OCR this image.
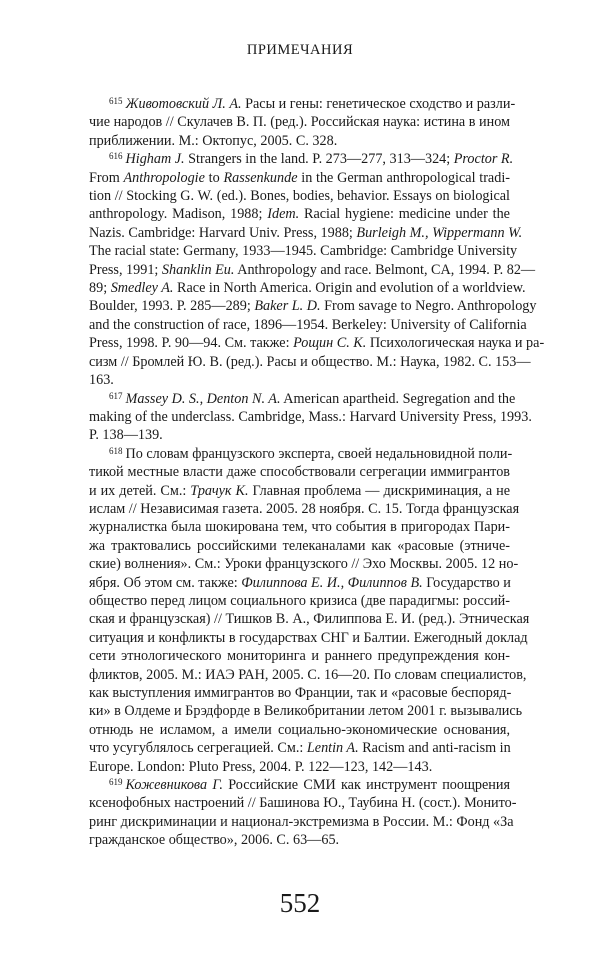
ПРИМЕЧАНИЯ
$^{615}$ Животовский Л. А. Расы и гены: генетическое сходство и разли-
чие народов // Скулачев В. П. (ред.). Российская наука: истина в ином
приближении. М.: Октопус, 2005. С. 328.
$^{616}$ Higham J. Strangers in the land. P. 273—277, 313—324; Proctor R.
From Anthropologie to Rassenkunde in the German anthropological tradi-
tion // Stocking G. W. (ed.). Bones, bodies, behavior. Essays on biological
anthropology. Madison, 1988; Idem. Racial hygiene: medicine under the
Nazis. Cambridge: Harvard Univ. Press, 1988; Burleigh M., Wippermann W.
The racial state: Germany, 1933—1945. Cambridge: Cambridge University
Press, 1991; Shanklin Eu. Anthropology and race. Belmont, CA, 1994. P. 82—
89; Smedley A. Race in North America. Origin and evolution of a worldview.
Boulder, 1993. P. 285—289; Baker L. D. From savage to Negro. Anthropology
and the construction of race, 1896—1954. Berkeley: University of California
Press, 1998. P. 90—94. См. также: Рощин С. К. Психологическая наука и ра-
сизм // Бромлей Ю. В. (ред.). Расы и общество. М.: Наука, 1982. С. 153—
163.
$^{617}$ Massey D. S., Denton N. A. American apartheid. Segregation and the
making of the underclass. Cambridge, Mass.: Harvard University Press, 1993.
P. 138—139.
$^{618}$ По словам французского эксперта, своей недальновидной поли-
тикой местные власти даже способствовали сегрегации иммигрантов
и их детей. См.: Трачук К. Главная проблема — дискриминация, а не
ислам // Независимая газета. 2005. 28 ноября. С. 15. Тогда французская
журналистка была шокирована тем, что события в пригородах Пари-
жа трактовались российскими телеканалами как «расовые (этниче-
ские) волнения». См.: Уроки французского // Эхо Москвы. 2005. 12 но-
ября. Об этом см. также: Филиппова Е. И., Филиппов В. Государство и
общество перед лицом социального кризиса (две парадигмы: россий-
ская и французская) // Тишков В. А., Филиппова Е. И. (ред.). Этническая
ситуация и конфликты в государствах СНГ и Балтии. Ежегодный доклад
сети этнологического мониторинга и раннего предупреждения кон-
фликтов, 2005. М.: ИАЭ РАН, 2005. С. 16—20. По словам специалистов,
как выступления иммигрантов во Франции, так и «расовые беспоряд-
ки» в Олдеме и Брэдфорде в Великобритании летом 2001 г. вызывались
отнюдь не исламом, а имели социально-экономические основания,
что усугублялось сегрегацией. См.: Lentin A. Racism and anti-racism in
Europe. London: Pluto Press, 2004. P. 122—123, 142—143.
$^{619}$ Кожевникова Г. Российские СМИ как инструмент поощрения
ксенофобных настроений // Башинова Ю., Таубина Н. (сост.). Монито-
ринг дискриминации и национал-экстремизма в России. М.: Фонд «За
гражданское общество», 2006. С. 63—65.
552
